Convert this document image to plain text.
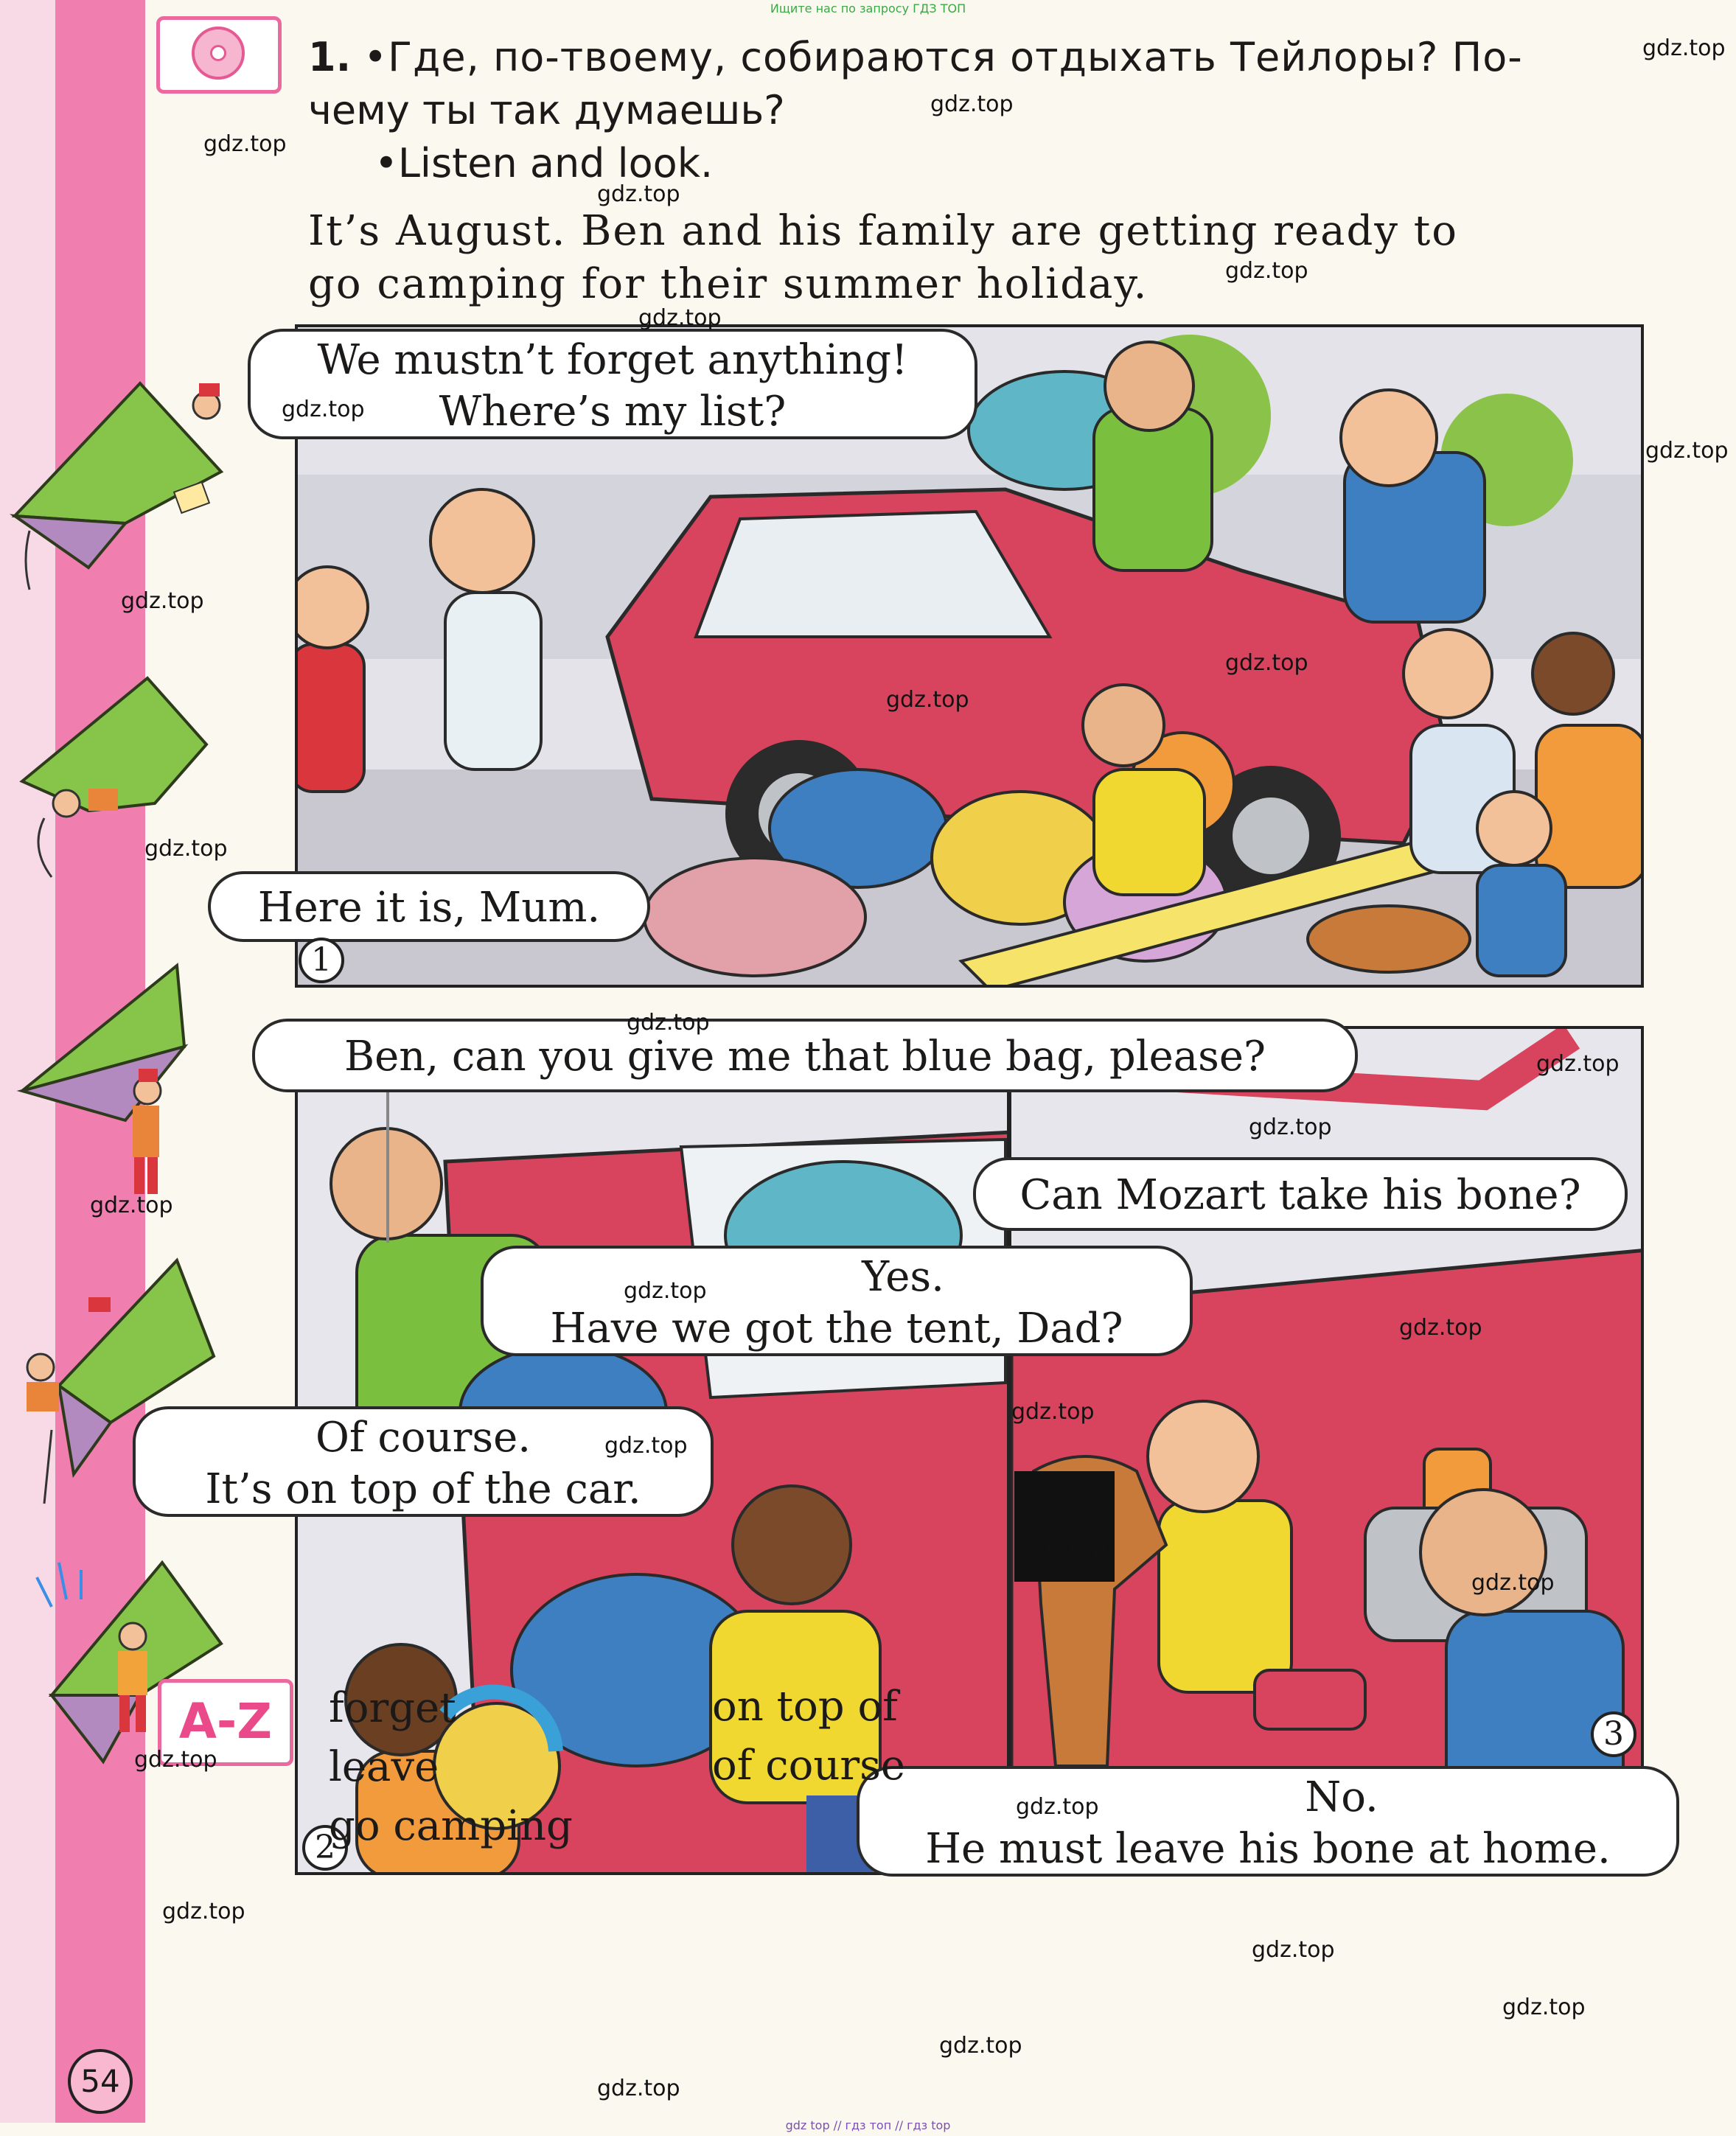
Ищите нас по запросу ГДЗ ТОП
1. •Где, по-твоему, собираются отдыхать Тейлоры? По-
чему ты так думаешь?
•Listen and look.
It’s August. Ben and his family are getting ready to
go camping for their summer holiday.
We mustn’t forget anything!
Where’s my list?
Here it is, Mum.
1
Ben, can you give me that blue bag, please?
Yes.
Have we got the tent, Dad?
Of course.
It’s on top of the car.
2
Can Mozart take his bone?
No.
He must leave his bone at home.
3
A-Z	forget
leave
go camping
on top of
of course
54
gdz.top
gdz.top
gdz.top
gdz.top
gdz.top
gdz.top
gdz.top
gdz.top
gdz.top
gdz.top
gdz.top
gdz.top
gdz.top
gdz.top
gdz.top
gdz.top
gdz.top
gdz.top
gdz.top
gdz.top
gdz.top
gdz.top
gdz.top
gdz.top
gdz.top
gdz.top
gdz.top
gdz.top
gdz.top
gdz top // гдз топ // гдз top
